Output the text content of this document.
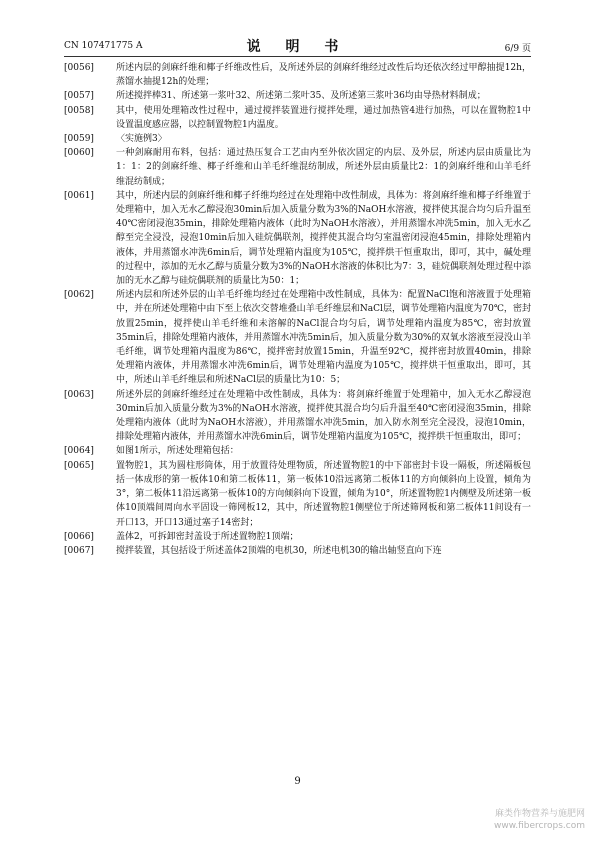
CN 107471775 A	说 明 书	6/9 页
[0056]	所述内层的剑麻纤维和椰子纤维改性后，及所述外层的剑麻纤维经过改性后均还依次经过甲醇抽提12h，蒸馏水抽提12h的处理；
[0057]	所述搅拌棒31、所述第一浆叶32、所述第二浆叶35、及所述第三浆叶36均由导热材料制成；
[0058]	其中，使用处理箱改性过程中，通过搅拌装置进行搅拌处理，通过加热管4进行加热，可以在置物腔1中设置温度感应器，以控制置物腔1内温度。
[0059]	〈实施例3〉
[0060]	一种剑麻耐用布料，包括：通过热压复合工艺由内至外依次固定的内层、及外层，所述内层由质量比为1：1：2的剑麻纤维、椰子纤维和山羊毛纤维混纺制成，所述外层由质量比2：1的剑麻纤维和山羊毛纤维混纺制成；
[0061]	其中，所述内层的剑麻纤维和椰子纤维均经过在处理箱中改性制成，具体为：将剑麻纤维和椰子纤维置于处理箱中，加入无水乙醇浸泡30min后加入质量分数为3%的NaOH水溶液，搅拌使其混合均匀后升温至40℃密闭浸泡35min，排除处理箱内液体（此时为NaOH水溶液），并用蒸馏水冲洗5min，加入无水乙醇至完全浸没，浸泡10min后加入硅烷偶联剂，搅拌使其混合均匀室温密闭浸泡45min，排除处理箱内液体，并用蒸馏水冲洗6min后，调节处理箱内温度为105℃，搅拌烘干恒重取出，即可，其中，碱处理的过程中，添加的无水乙醇与质量分数为3%的NaOH水溶液的体积比为7：3，硅烷偶联剂处理过程中添加的无水乙醇与硅烷偶联剂的质量比为50：1；
[0062]	所述内层和所述外层的山羊毛纤维均经过在处理箱中改性制成，具体为：配置NaCl饱和溶液置于处理箱中，并在所述处理箱中由下至上依次交替堆叠山羊毛纤维层和NaCl层，调节处理箱内温度为70℃，密封放置25min，搅拌使山羊毛纤维和未溶解的NaCl混合均匀后，调节处理箱内温度为85℃，密封放置35min后，排除处理箱内液体，并用蒸馏水冲洗5min后，加入质量分数为30%的双氧水溶液至浸没山羊毛纤维，调节处理箱内温度为86℃，搅拌密封放置15min，升温至92℃，搅拌密封放置40min，排除处理箱内液体，并用蒸馏水冲洗6min后，调节处理箱内温度为105℃，搅拌烘干恒重取出，即可，其中，所述山羊毛纤维层和所述NaCl层的质量比为10：5；
[0063]	所述外层的剑麻纤维经过在处理箱中改性制成，具体为：将剑麻纤维置于处理箱中，加入无水乙醇浸泡30min后加入质量分数为3%的NaOH水溶液，搅拌使其混合均匀后升温至40℃密闭浸泡35min，排除处理箱内液体（此时为NaOH水溶液），并用蒸馏水冲洗5min，加入防水剂至完全浸没，浸泡10min，排除处理箱内液体，并用蒸馏水冲洗6min后，调节处理箱内温度为105℃，搅拌烘干恒重取出，即可；
[0064]	如图1所示，所述处理箱包括：
[0065]	置物腔1，其为圆柱形筒体，用于放置待处理物质，所述置物腔1的中下部密封卡设一隔板，所述隔板包括一体成形的第一板体10和第二板体11，第一板体10沿远离第二板体11的方向倾斜向上设置，倾角为3°，第二板体11沿远离第一板体10的方向倾斜向下设置，倾角为10°，所述置物腔1内侧壁及所述第一板体10顶端间周向水平固设一筛网板12，其中，所述置物腔1侧壁位于所述筛网板和第二板体11间设有一开口13，开口13通过塞子14密封；
[0066]	盖体2，可拆卸密封盖设于所述置物腔1顶端；
[0067]	搅拌装置，其包括设于所述盖体2顶端的电机30，所述电机30的输出轴竖直向下连
9
麻类作物营养与施肥网
www.fibercrops.com
